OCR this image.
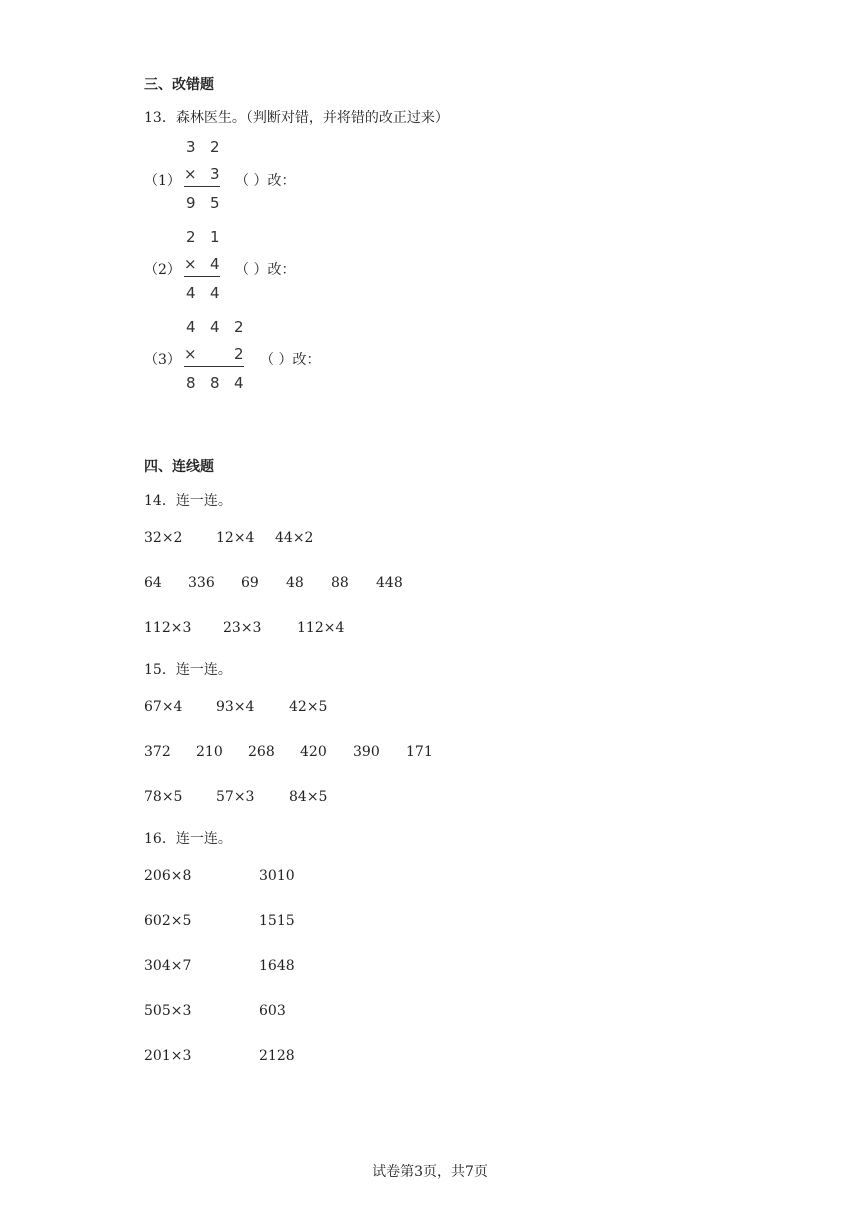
三、改错题
13．森林医生。（判断对错，并将错的改正过来）
（1）
3 2
× 3
9 5
（ ）改：
（2）
2 1
× 4
4 4
（ ）改：
（3）
4 4 2
× 2
8 8 4
（ ）改：
四、连线题
14．连一连。
32×2 12×4 44×2
64 336 69 48 88 448
112×3 23×3	112×4
15．连一连。
67×4 93×4 42×5
372 210 268 420 390 171
78×5 57×3 84×5
16．连一连。
206×8	3010
602×5	1515
304×7	1648
505×3	603
201×3	2128
试卷第3页，共7页
